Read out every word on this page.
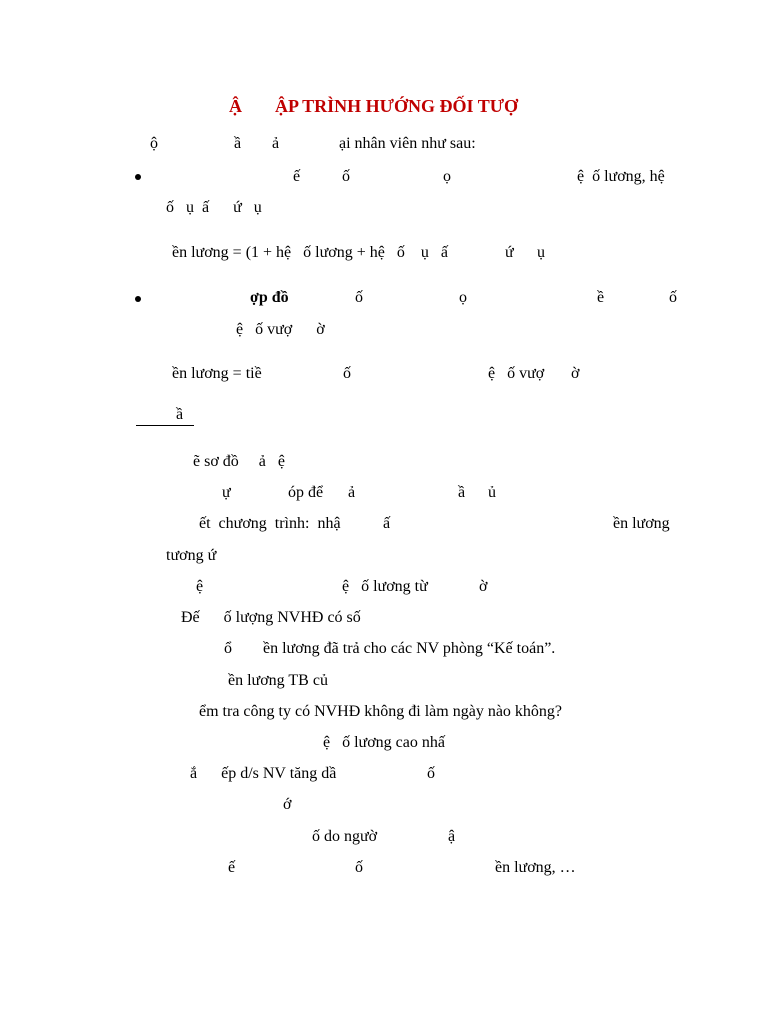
Ậ ẬP TRÌNH HƯỚNG ĐỐI TƯỢ
ộ	ầ ả	ại nhân viên như sau:
ế	ố	ọ	ệ  ố lương, hệ
ố   ụ  ấ      ứ   ụ
ền lương = (1 + hệ   ố lương + hệ   ố    ụ   ấ	ứ ụ
ợp đồ	ố	ọ	ề	ố
ệ   ố vượ      ờ
ền lương = tiề	ố	ệ   ố vượ ờ
ầ
ẽ sơ đồ     ả   ệ
ự	óp để ả	ầ ủ
ết  chương  trình:  nhậ	ấ	ền lương
tương ứ
ệ	ệ   ố lương từ	ờ
Đế      ố lượng NVHĐ có số
ổ ền lương đã trả cho các NV phòng “Kế toán”.
ền lương TB củ
ểm tra công ty có NVHĐ không đi làm ngày nào không?
ệ   ố lương cao nhấ
ắ      ếp d/s NV tăng dầ	ố
ớ
ố do ngườ	ậ
ế	ố	ền lương, …
